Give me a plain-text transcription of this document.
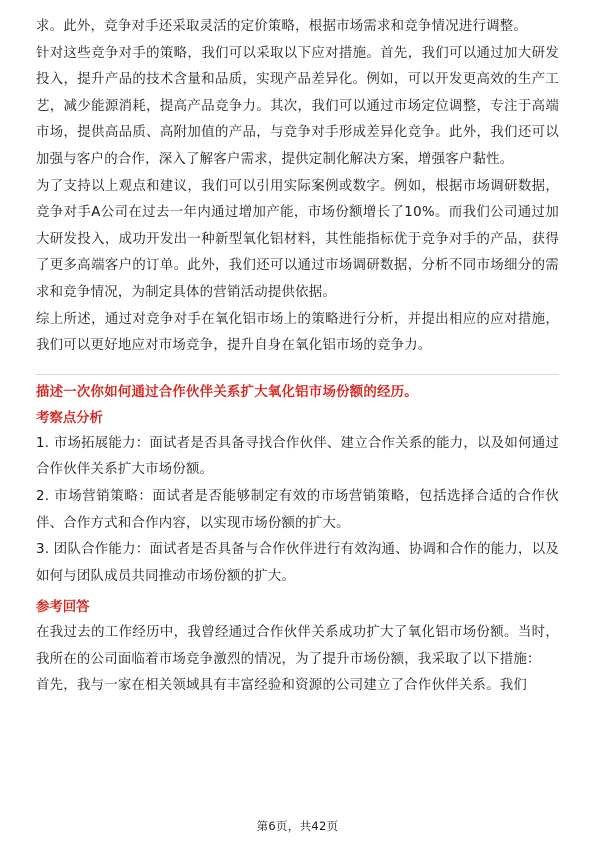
求。此外，竞争对手还采取灵活的定价策略，根据市场需求和竞争情况进行调整。

针对这些竞争对手的策略，我们可以采取以下应对措施。首先，我们可以通过加大研发投入，提升产品的技术含量和品质，实现产品差异化。例如，可以开发更高效的生产工艺，减少能源消耗，提高产品竞争力。其次，我们可以通过市场定位调整，专注于高端市场，提供高品质、高附加值的产品，与竞争对手形成差异化竞争。此外，我们还可以加强与客户的合作，深入了解客户需求，提供定制化解决方案，增强客户黏性。

为了支持以上观点和建议，我们可以引用实际案例或数字。例如，根据市场调研数据，竞争对手A公司在过去一年内通过增加产能，市场份额增长了10%。而我们公司通过加大研发投入，成功开发出一种新型氧化铝材料，其性能指标优于竞争对手的产品，获得了更多高端客户的订单。此外，我们还可以通过市场调研数据，分析不同市场细分的需求和竞争情况，为制定具体的营销活动提供依据。

综上所述，通过对竞争对手在氧化铝市场上的策略进行分析，并提出相应的应对措施，我们可以更好地应对市场竞争，提升自身在氧化铝市场的竞争力。

描述一次你如何通过合作伙伴关系扩大氧化铝市场份额的经历。
考察点分析

1. 市场拓展能力：面试者是否具备寻找合作伙伴、建立合作关系的能力，以及如何通过合作伙伴关系扩大市场份额。

2. 市场营销策略：面试者是否能够制定有效的市场营销策略，包括选择合适的合作伙伴、合作方式和合作内容，以实现市场份额的扩大。

3. 团队合作能力：面试者是否具备与合作伙伴进行有效沟通、协调和合作的能力，以及如何与团队成员共同推动市场份额的扩大。

参考回答

在我过去的工作经历中，我曾经通过合作伙伴关系成功扩大了氧化铝市场份额。当时，我所在的公司面临着市场竞争激烈的情况，为了提升市场份额，我采取了以下措施：

首先，我与一家在相关领域具有丰富经验和资源的公司建立了合作伙伴关系。我们

第6页，共42页
